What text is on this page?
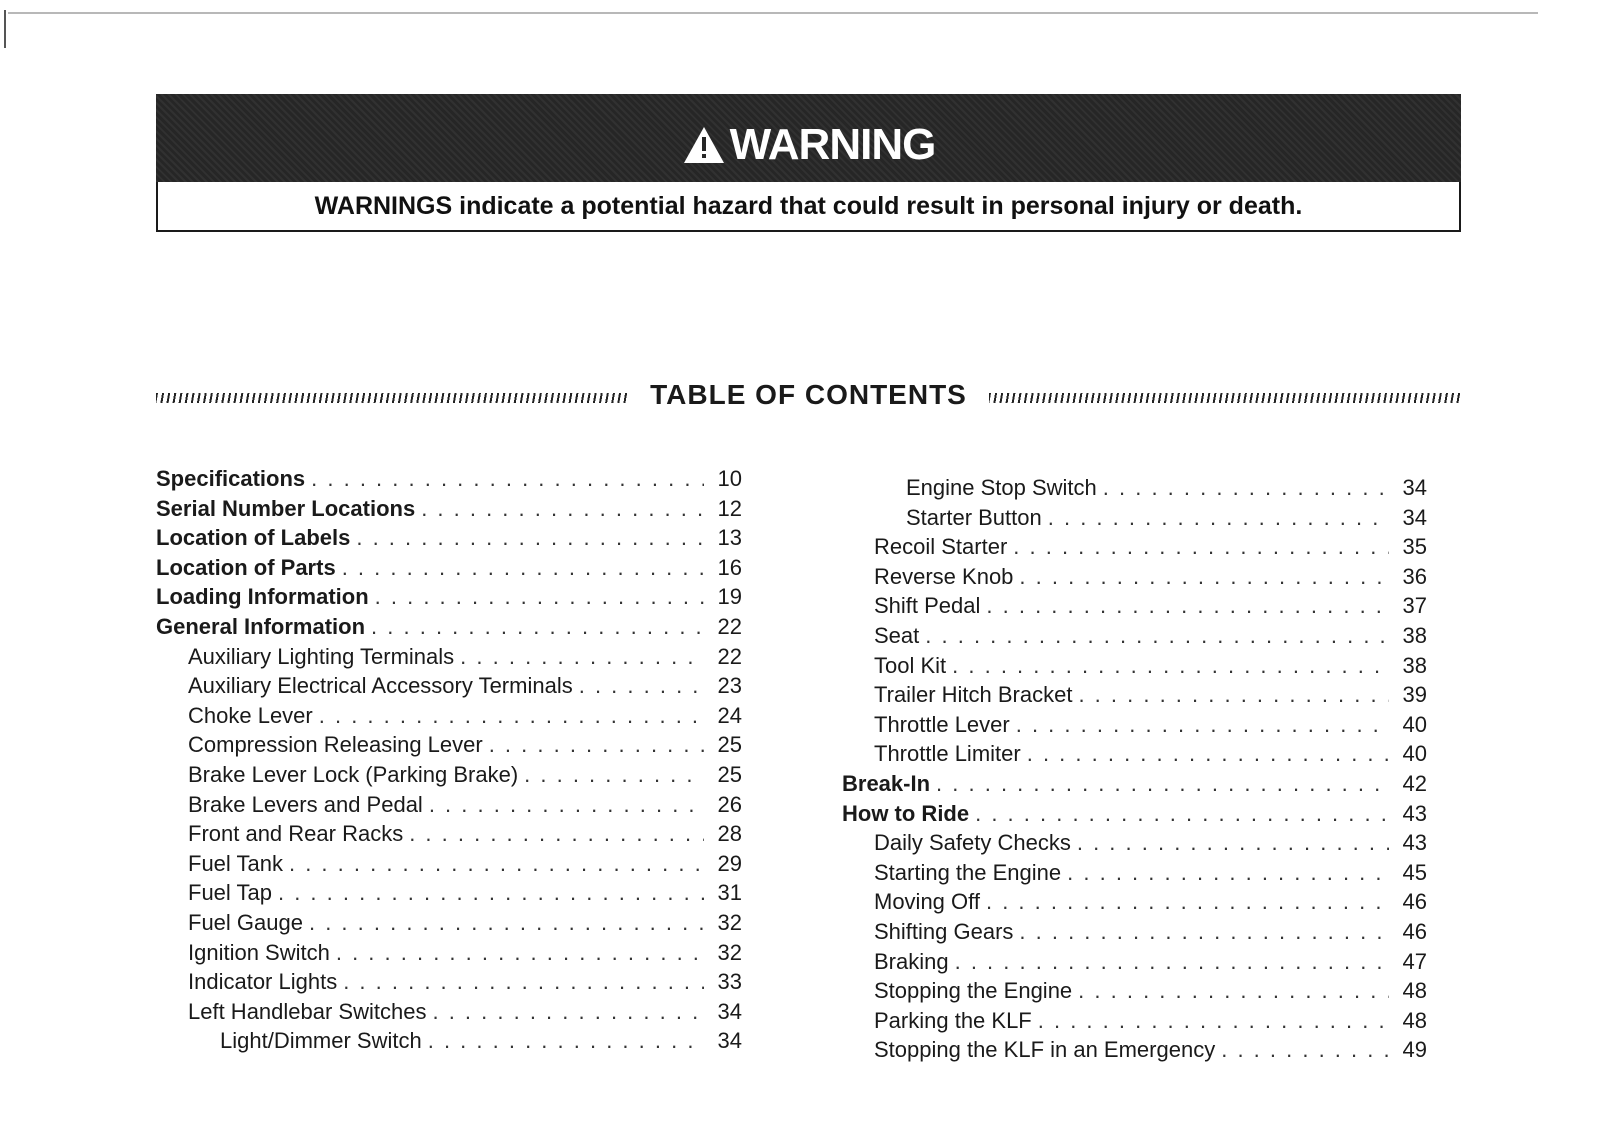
WARNING
WARNINGS indicate a potential hazard that could result in personal injury or death.
TABLE OF CONTENTS
Specifications . . .	10
Serial Number Locations . . .	12
Location of Labels . . .	13
Location of Parts . . .	16
Loading Information . . .	19
General Information . . .	22
Auxiliary Lighting Terminals . . .	22
Auxiliary Electrical Accessory Terminals . . .	23
Choke Lever . . .	24
Compression Releasing Lever . . .	25
Brake Lever Lock (Parking Brake) . . .	25
Brake Levers and Pedal . . .	26
Front and Rear Racks . . .	28
Fuel Tank . . .	29
Fuel Tap . . .	31
Fuel Gauge . . .	32
Ignition Switch . . .	32
Indicator Lights . . .	33
Left Handlebar Switches . . .	34
Light/Dimmer Switch . . .	34
Engine Stop Switch . . .	34
Starter Button . . .	34
Recoil Starter . . .	35
Reverse Knob . . .	36
Shift Pedal . . .	37
Seat . . .	38
Tool Kit . . .	38
Trailer Hitch Bracket . . .	39
Throttle Lever . . .	40
Throttle Limiter . . .	40
Break-In . . .	42
How to Ride . . .	43
Daily Safety Checks . . .	43
Starting the Engine . . .	45
Moving Off . . .	46
Shifting Gears . . .	46
Braking . . .	47
Stopping the Engine . . .	48
Parking the KLF . . .	48
Stopping the KLF in an Emergency . . .	49
